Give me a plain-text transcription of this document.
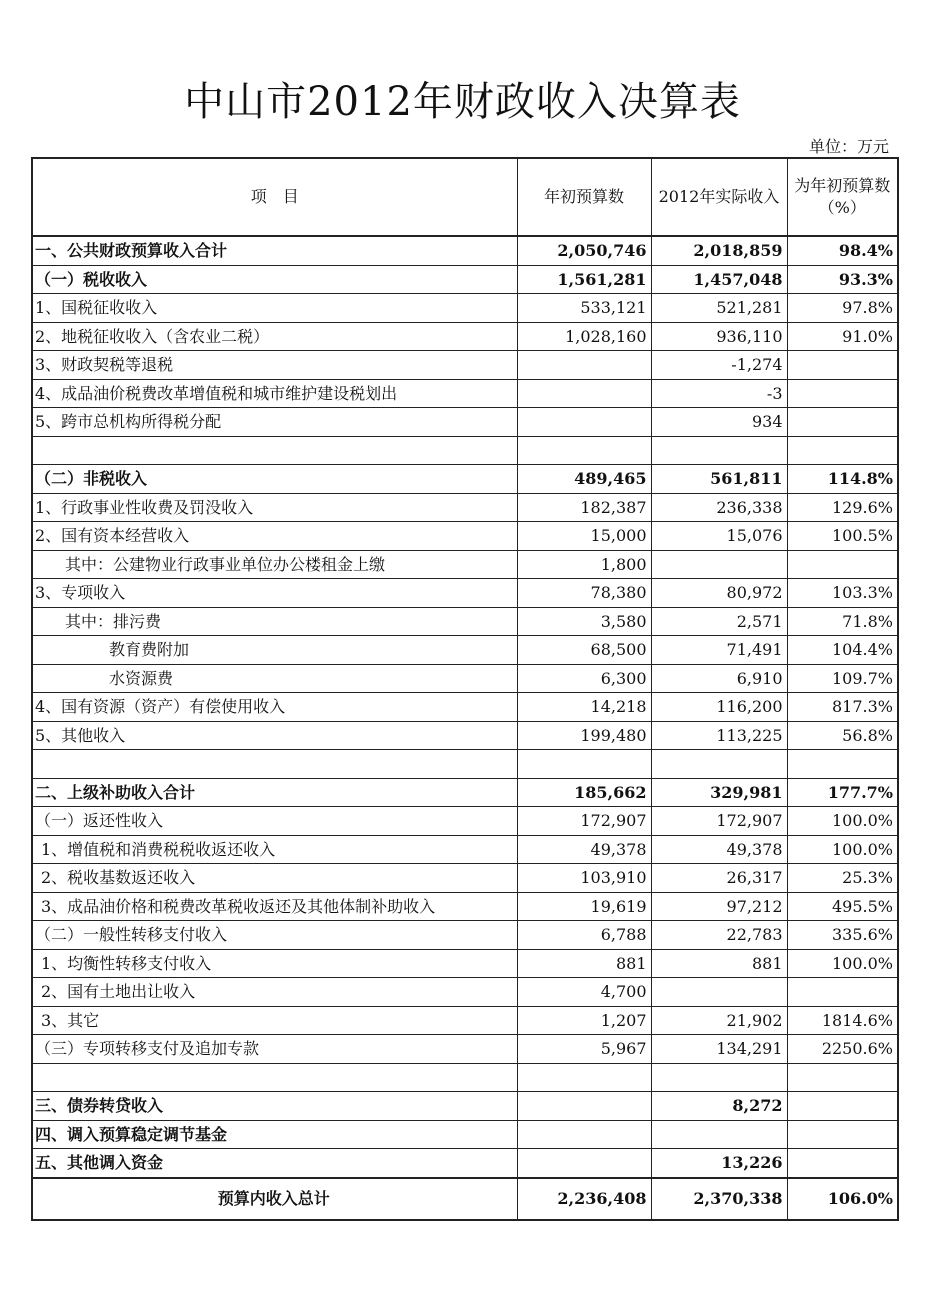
中山市2012年财政收入决算表
单位：万元
项　目	年初预算数	2012年实际收入	为年初预算数（%）
一、公共财政预算收入合计	2,050,746	2,018,859	98.4%
（一）税收收入	1,561,281	1,457,048	93.3%
1、国税征收收入	533,121	521,281	97.8%
2、地税征收收入（含农业二税）	1,028,160	936,110	91.0%
3、财政契税等退税		-1,274	
4、成品油价税费改革增值税和城市维护建设税划出		-3	
5、跨市总机构所得税分配		934	

（二）非税收入	489,465	561,811	114.8%
1、行政事业性收费及罚没收入	182,387	236,338	129.6%
2、国有资本经营收入	15,000	15,076	100.5%
其中：公建物业行政事业单位办公楼租金上缴	1,800		
3、专项收入	78,380	80,972	103.3%
其中：排污费	3,580	2,571	71.8%
教育费附加	68,500	71,491	104.4%
水资源费	6,300	6,910	109.7%
4、国有资源（资产）有偿使用收入	14,218	116,200	817.3%
5、其他收入	199,480	113,225	56.8%

二、上级补助收入合计	185,662	329,981	177.7%
（一）返还性收入	172,907	172,907	100.0%
1、增值税和消费税税收返还收入	49,378	49,378	100.0%
2、税收基数返还收入	103,910	26,317	25.3%
3、成品油价格和税费改革税收返还及其他体制补助收入	19,619	97,212	495.5%
（二）一般性转移支付收入	6,788	22,783	335.6%
1、均衡性转移支付收入	881	881	100.0%
2、国有土地出让收入	4,700		
3、其它	1,207	21,902	1814.6%
（三）专项转移支付及追加专款	5,967	134,291	2250.6%

三、债券转贷收入		8,272	
四、调入预算稳定调节基金			
五、其他调入资金		13,226	
预算内收入总计	2,236,408	2,370,338	106.0%
